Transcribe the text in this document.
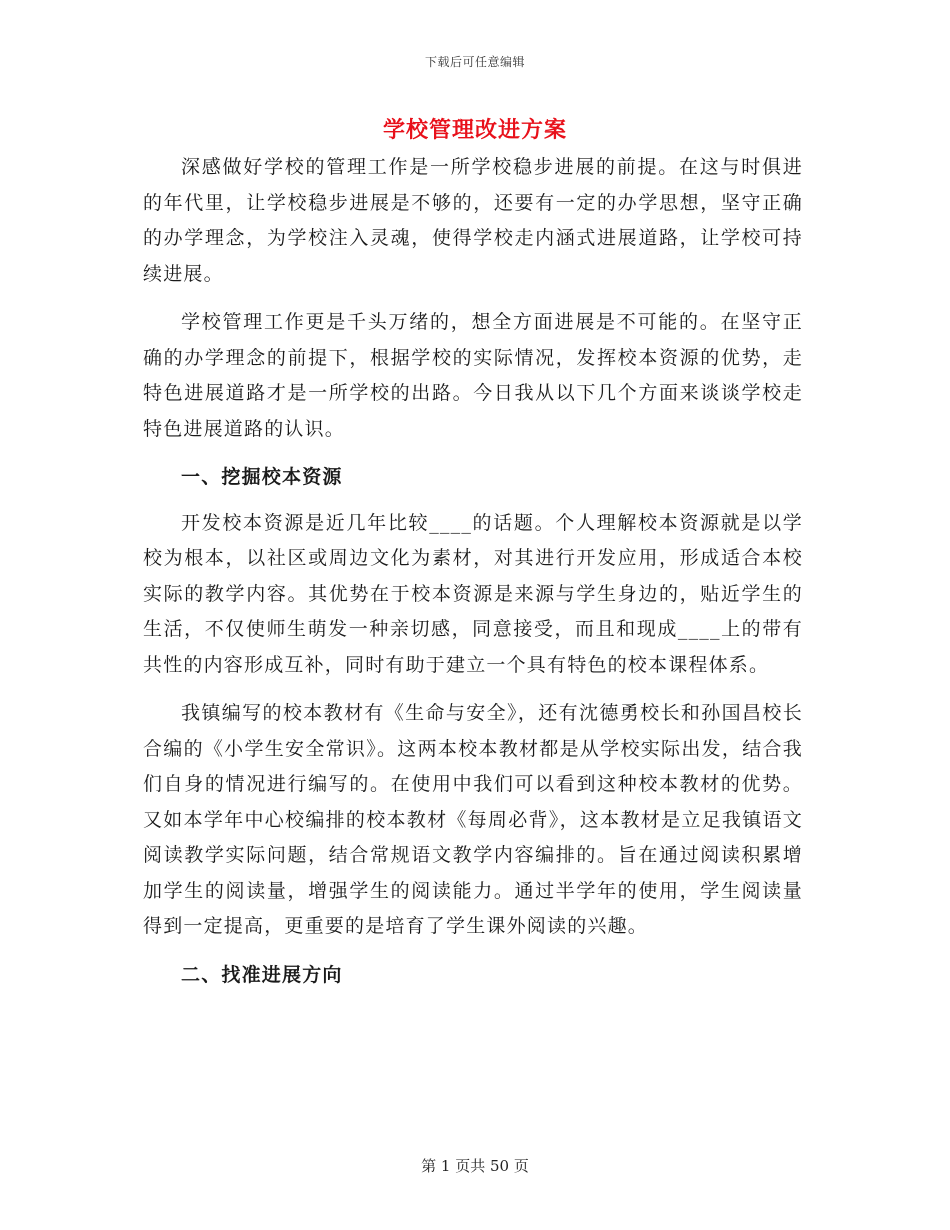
下载后可任意编辑
学校管理改进方案

深感做好学校的管理工作是一所学校稳步进展的前提。在这与时俱进的年代里，让学校稳步进展是不够的，还要有一定的办学思想，坚守正确的办学理念，为学校注入灵魂，使得学校走内涵式进展道路，让学校可持续进展。

学校管理工作更是千头万绪的，想全方面进展是不可能的。在坚守正确的办学理念的前提下，根据学校的实际情况，发挥校本资源的优势，走特色进展道路才是一所学校的出路。今日我从以下几个方面来谈谈学校走特色进展道路的认识。

一、挖掘校本资源

开发校本资源是近几年比较____的话题。个人理解校本资源就是以学校为根本，以社区或周边文化为素材，对其进行开发应用，形成适合本校实际的教学内容。其优势在于校本资源是来源与学生身边的，贴近学生的生活，不仅使师生萌发一种亲切感，同意接受，而且和现成____上的带有共性的内容形成互补，同时有助于建立一个具有特色的校本课程体系。

我镇编写的校本教材有《生命与安全》，还有沈德勇校长和孙国昌校长合编的《小学生安全常识》。这两本校本教材都是从学校实际出发，结合我们自身的情况进行编写的。在使用中我们可以看到这种校本教材的优势。又如本学年中心校编排的校本教材《每周必背》，这本教材是立足我镇语文阅读教学实际问题，结合常规语文教学内容编排的。旨在通过阅读积累增加学生的阅读量，增强学生的阅读能力。通过半学年的使用，学生阅读量得到一定提高，更重要的是培育了学生课外阅读的兴趣。

二、找准进展方向
第 1 页共 50 页
